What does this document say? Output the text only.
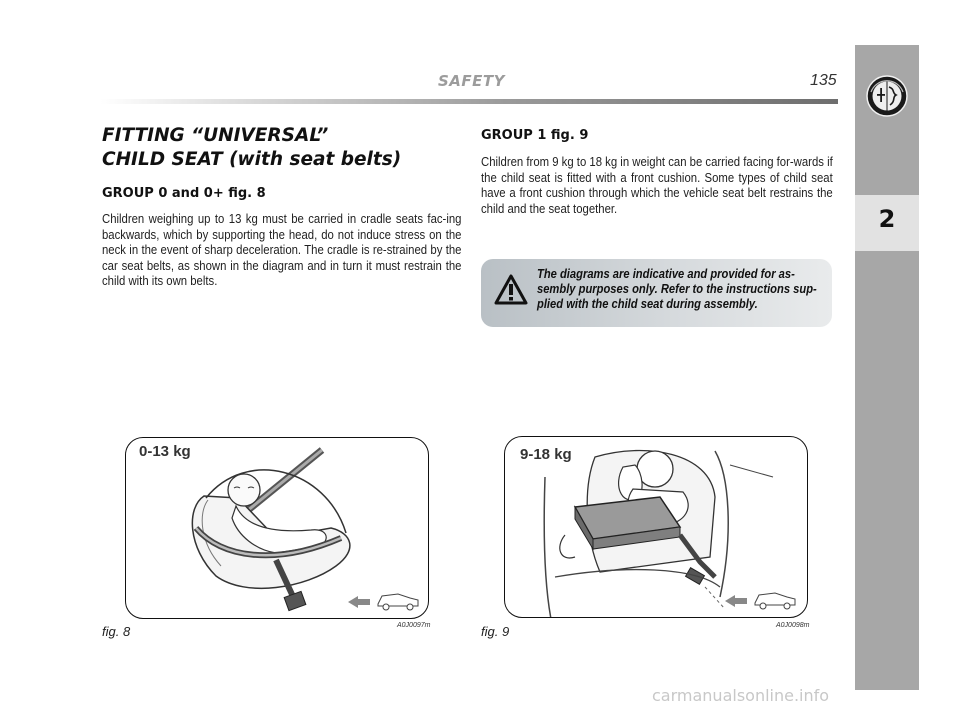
SAFETY	135
2
FITTING “UNIVERSAL”
CHILD SEAT (with seat belts)
GROUP 0 and 0+ fig. 8
Children weighing up to 13 kg must be carried in cradle seats fac-ing backwards, which by supporting the head, do not induce stress on the neck in the event of sharp deceleration. The cradle is re-strained by the car seat belts, as shown in the diagram and in turn it must restrain the child with its own belts.
GROUP 1 fig. 9
Children from 9 kg to 18 kg in weight can be carried facing for-wards if the child seat is fitted with a front cushion. Some types of child seat have a front cushion through which the vehicle seat belt restrains the child and the seat together.
The diagrams are indicative and provided for as-sembly purposes only. Refer to the instructions sup-plied with the child seat during assembly.
0-13 kg
fig. 8	A0J0097m
9-18 kg
fig. 9	A0J0098m
carmanualsonline.info
